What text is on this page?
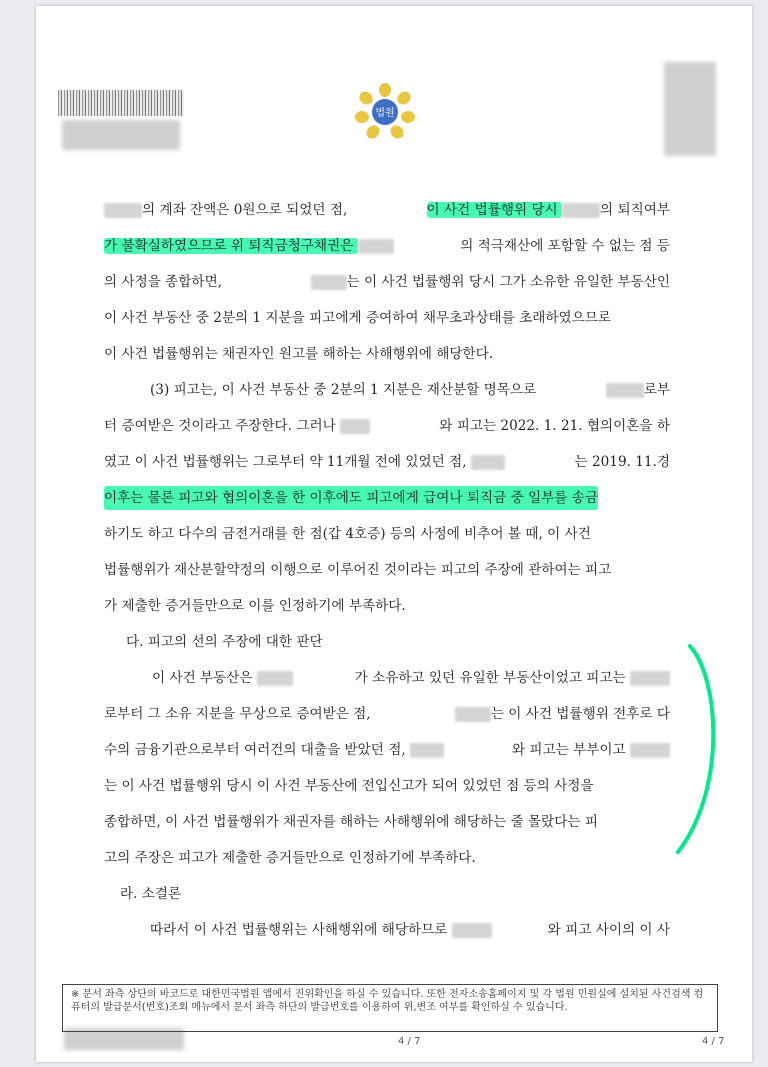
법원
의 계좌 잔액은 0원으로 되었던 점,	이 사건 법률행위 당시	의 퇴직여부
가 불확실하였으므로 위 퇴직금청구채권은	의 적극재산에 포함할 수 없는 점 등
의 사정을 종합하면,	는 이 사건 법률행위 당시 그가 소유한 유일한 부동산인
이 사건 부동산 중 2분의 1 지분을 피고에게 증여하여 채무초과상태를 초래하였으므로
이 사건 법률행위는 채권자인 원고를 해하는 사해행위에 해당한다.
(3) 피고는, 이 사건 부동산 중 2분의 1 지분은 재산분할 명목으로	로부
터 증여받은 것이라고 주장한다. 그러나	와 피고는 2022. 1. 21. 협의이혼을 하
였고 이 사건 법률행위는 그로부터 약 11개월 전에 있었던 점,	는 2019. 11.경
이후는 물론 피고와 협의이혼을 한 이후에도 피고에게 급여나 퇴직금 중 일부를 송금
하기도 하고 다수의 금전거래를 한 점(갑 4호증) 등의 사정에 비추어 볼 때, 이 사건
법률행위가 재산분할약정의 이행으로 이루어진 것이라는 피고의 주장에 관하여는 피고
가 제출한 증거들만으로 이를 인정하기에 부족하다.
다. 피고의 선의 주장에 대한 판단
이 사건 부동산은	가 소유하고 있던 유일한 부동산이었고 피고는
로부터 그 소유 지분을 무상으로 증여받은 점,	는 이 사건 법률행위 전후로 다
수의 금융기관으로부터 여러건의 대출을 받았던 점,	와 피고는 부부이고
는 이 사건 법률행위 당시 이 사건 부동산에 전입신고가 되어 있었던 점 등의 사정을
종합하면, 이 사건 법률행위가 채권자를 해하는 사해행위에 해당하는 줄 몰랐다는 피
고의 주장은 피고가 제출한 증거들만으로 인정하기에 부족하다.
라. 소결론
따라서 이 사건 법률행위는 사해행위에 해당하므로	와 피고 사이의 이 사
※ 문서 좌측 상단의 바코드로 대한민국법원 앱에서 진위확인을 하실 수 있습니다. 또한 전자소송홈페이지 및 각 법원 민원실에 설치된 사건검색 컴퓨터의 발급문서(번호)조회 메뉴에서 문서 좌측 하단의 발급번호를 이용하여 위,변조 여부를 확인하실 수 있습니다.
4 / 7	4 / 7
